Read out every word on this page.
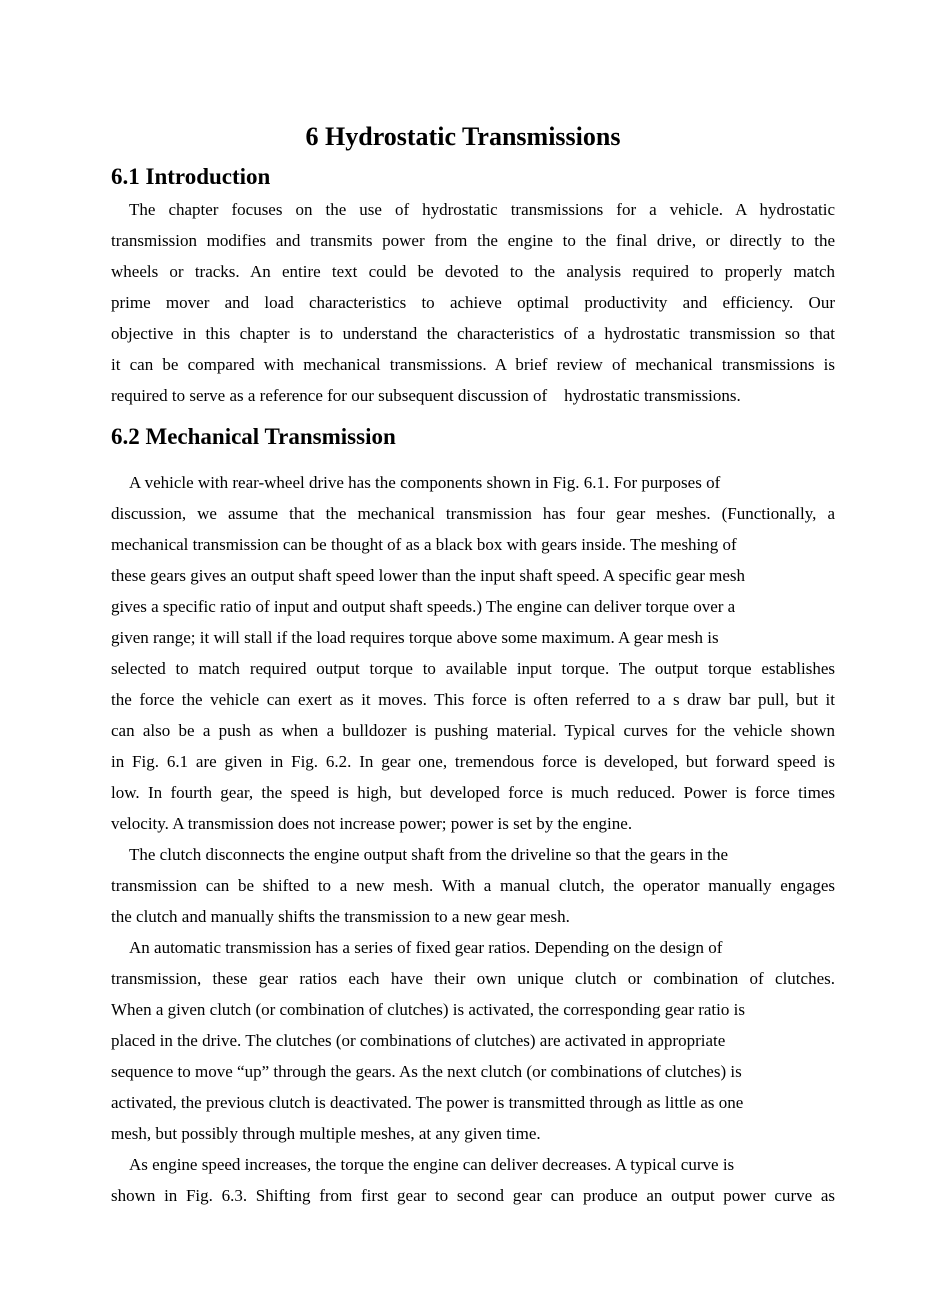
6 Hydrostatic Transmissions
6.1 Introduction
The chapter focuses on the use of hydrostatic transmissions for a vehicle. A hydrostatic
transmission modifies and transmits power from the engine to the final drive, or directly to the
wheels or tracks. An entire text could be devoted to the analysis required to properly match
prime mover and load characteristics to achieve optimal productivity and efficiency. Our
objective in this chapter is to understand the characteristics of a hydrostatic transmission so that
it can be compared with mechanical transmissions. A brief review of mechanical transmissions is
required to serve as a reference for our subsequent discussion of    hydrostatic transmissions.
6.2 Mechanical Transmission
A vehicle with rear-wheel drive has the components shown in Fig. 6.1. For purposes of
discussion, we assume that the mechanical transmission has four gear meshes. (Functionally, a
mechanical transmission can be thought of as a black box with gears inside. The meshing of
these gears gives an output shaft speed lower than the input shaft speed. A specific gear mesh
gives a specific ratio of input and output shaft speeds.) The engine can deliver torque over a
given range; it will stall if the load requires torque above some maximum. A gear mesh is
selected to match required output torque to available input torque. The output torque establishes
the force the vehicle can exert as it moves. This force is often referred to a s draw bar pull, but it
can also be a push as when a bulldozer is pushing material. Typical curves for the vehicle shown
in Fig. 6.1 are given in Fig. 6.2. In gear one, tremendous force is developed, but forward speed is
low. In fourth gear, the speed is high, but developed force is much reduced. Power is force times
velocity. A transmission does not increase power; power is set by the engine.
The clutch disconnects the engine output shaft from the driveline so that the gears in the
transmission can be shifted to a new mesh. With a manual clutch, the operator manually engages
the clutch and manually shifts the transmission to a new gear mesh.
An automatic transmission has a series of fixed gear ratios. Depending on the design of
transmission, these gear ratios each have their own unique clutch or combination of clutches.
When a given clutch (or combination of clutches) is activated, the corresponding gear ratio is
placed in the drive. The clutches (or combinations of clutches) are activated in appropriate
sequence to move “up” through the gears. As the next clutch (or combinations of clutches) is
activated, the previous clutch is deactivated. The power is transmitted through as little as one
mesh, but possibly through multiple meshes, at any given time.
As engine speed increases, the torque the engine can deliver decreases. A typical curve is
shown in Fig. 6.3. Shifting from first gear to second gear can produce an output power curve as
